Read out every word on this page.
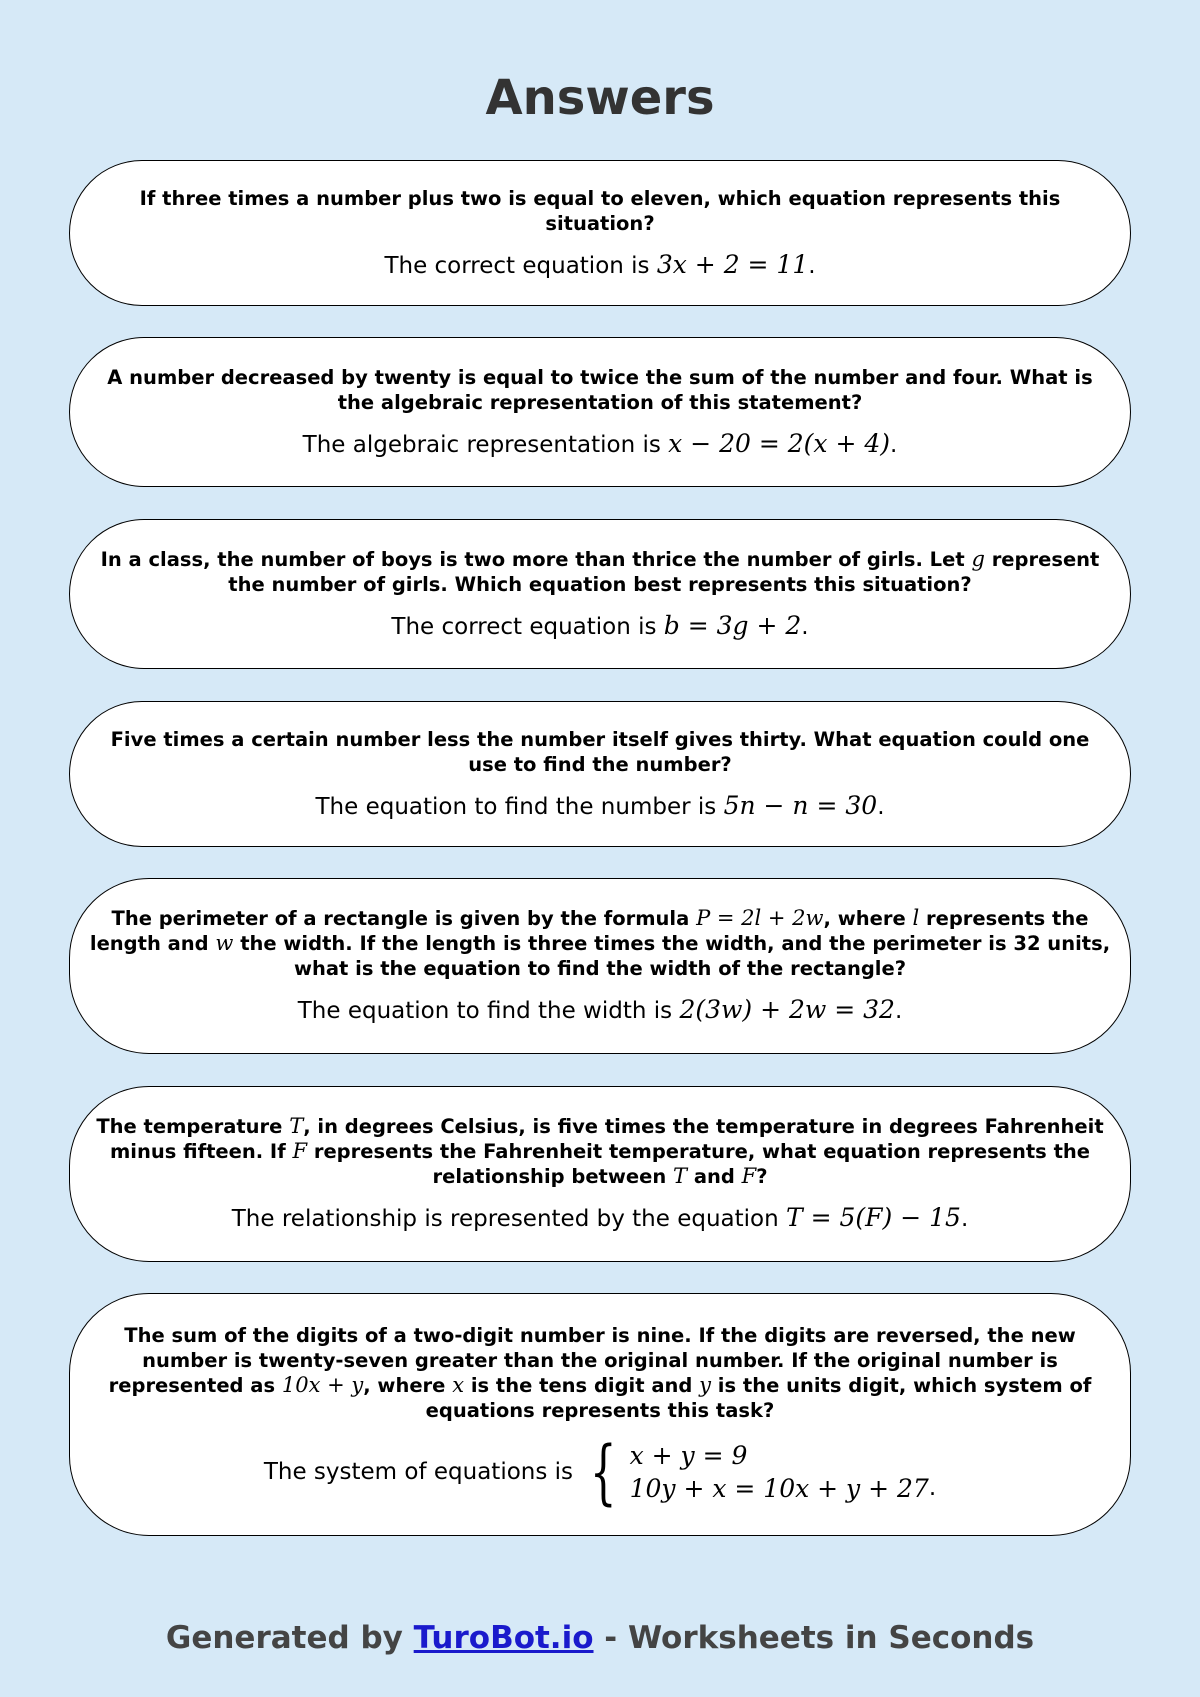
Answers

If three times a number plus two is equal to eleven, which equation represents this situation?

The correct equation is 3x + 2 = 11.

A number decreased by twenty is equal to twice the sum of the number and four. What is the algebraic representation of this statement?

The algebraic representation is x − 20 = 2(x + 4).

In a class, the number of boys is two more than thrice the number of girls. Let g represent the number of girls. Which equation best represents this situation?

The correct equation is b = 3g + 2.

Five times a certain number less the number itself gives thirty. What equation could one use to find the number?

The equation to find the number is 5n − n = 30.

The perimeter of a rectangle is given by the formula P = 2l + 2w, where l represents the length and w the width. If the length is three times the width, and the perimeter is 32 units, what is the equation to find the width of the rectangle?

The equation to find the width is 2(3w) + 2w = 32.

The temperature T, in degrees Celsius, is five times the temperature in degrees Fahrenheit minus fifteen. If F represents the Fahrenheit temperature, what equation represents the relationship between T and F?

The relationship is represented by the equation T = 5(F) − 15.

The sum of the digits of a two-digit number is nine. If the digits are reversed, the new number is twenty-seven greater than the original number. If the original number is represented as 10x + y, where x is the tens digit and y is the units digit, which system of equations represents this task?

The system of equations is { x + y = 9
10y + x = 10x + y + 27 .
Generated by TuroBot.io - Worksheets in Seconds
